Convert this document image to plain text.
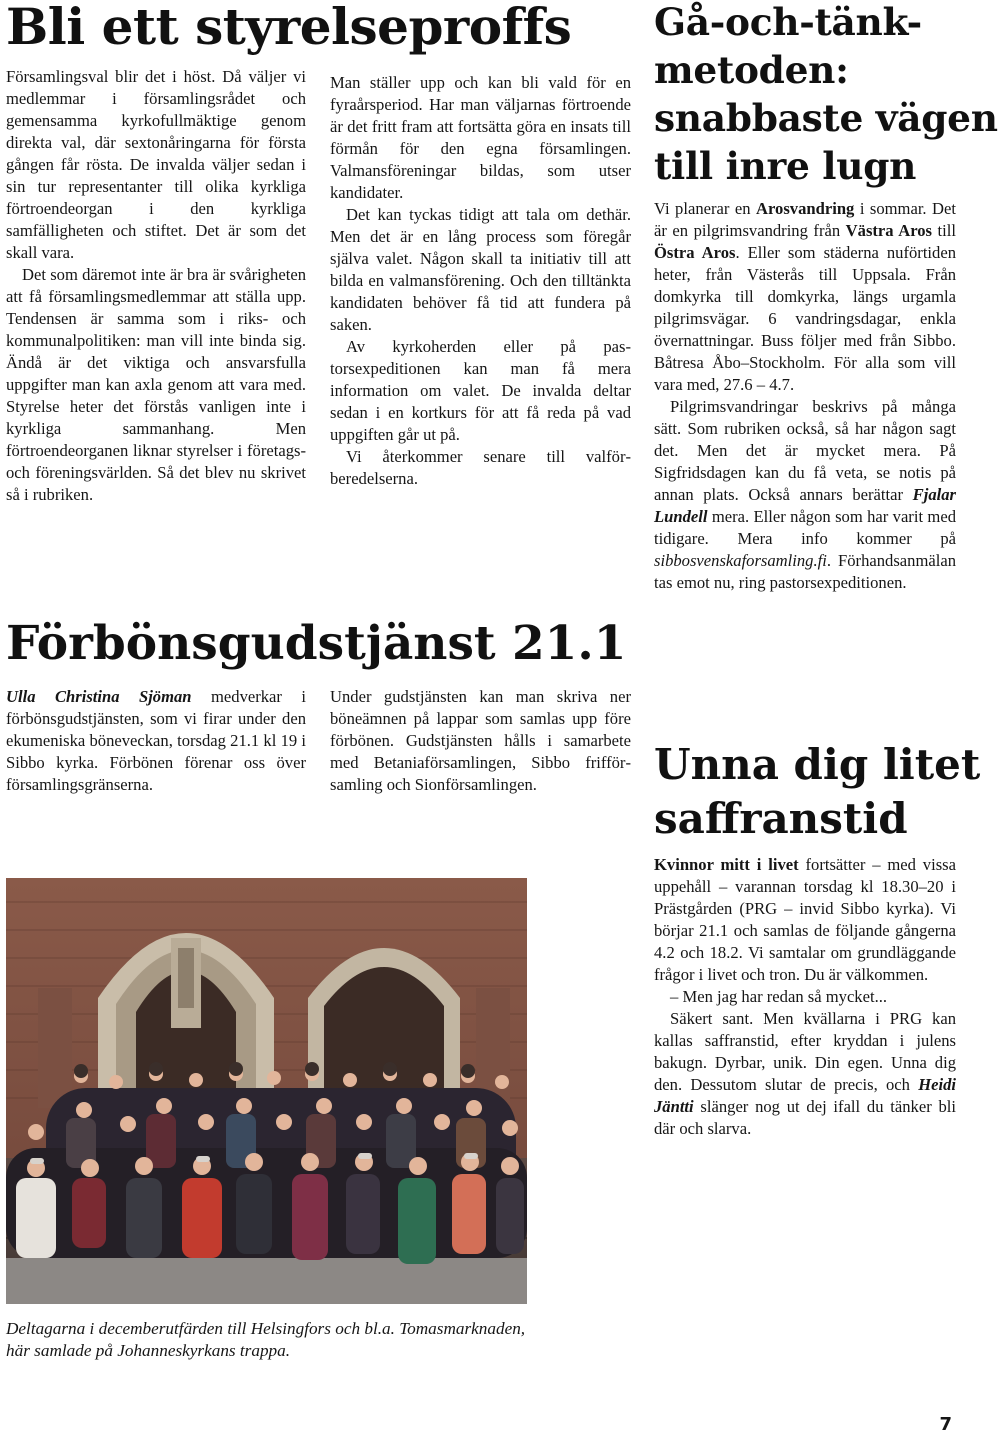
Bli ett styrelseproffs

Församlingsval blir det i höst. Då väljer vi medlemmar i församlingsrådet och gemensamma kyrkofullmäktige genom direkta val, där sextonåringarna för första gången får rösta. De invalda väljer sedan i sin tur representanter till olika kyrkliga förtroendeorgan i den kyrkliga samfälligheten och stiftet. Det är som det skall vara.

Det som däremot inte är bra är svårigheten att få församlingsmedlemmar att ställa upp. Tendensen är samma som i riks- och kommunalpolitiken: man vill inte binda sig. Ändå är det viktiga och ansvarsfulla uppgifter man kan axla genom att vara med. Styrelse heter det förstås vanligen inte i kyrkliga sammanhang. Men förtroendeorganen liknar styrelser i företags- och föreningsvärlden. Så det blev nu skrivet så i rubriken.

Man ställer upp och kan bli vald för en fyraårsperiod. Har man väljarnas förtroende är det fritt fram att fortsätta göra en insats till förmån för den egna församlingen. Valmansföreningar bildas, som utser kandidater.

Det kan tyckas tidigt att tala om dethär. Men det är en lång process som föregår själva valet. Någon skall ta initiativ till att bilda en valmansförening. Och den tilltänkta kandidaten behöver få tid att fundera på saken.

Av kyrkoherden eller på pastorsexpeditionen kan man få mera information om valet. De invalda deltar sedan i en kortkurs för att få reda på vad uppgiften går ut på.

Vi återkommer senare till valförberedelserna.

Förbönsgudstjänst 21.1

Ulla Christina Sjöman medverkar i förbönsgudstjänsten, som vi firar under den ekumeniska böneveckan, torsdag 21.1 kl 19 i Sibbo kyrka. Förbönen förenar oss över församlingsgränserna.

Under gudstjänsten kan man skriva ner böneämnen på lappar som samlas upp före förbönen. Gudstjänsten hålls i samarbete med Betaniaförsamlingen, Sibbo frifförsamling och Sionförsamlingen.

Deltagarna i decemberutfärden till Helsingfors och bl.a. Tomasmarknaden, här samlade på Johanneskyrkans trappa.

Gå-och-tänk-
metoden:
snabbaste vägen
till inre lugn

Vi planerar en Arosvandring i sommar. Det är en pilgrimsvandring från Västra Aros till Östra Aros. Eller som städerna nuförtiden heter, från Västerås till Uppsala. Från domkyrka till domkyrka, längs urgamla pilgrimsvägar. 6 vandringsdagar, enkla övernattningar. Buss följer med från Sibbo. Båtresa Åbo–Stockholm. För alla som vill vara med, 27.6 – 4.7.

Pilgrimsvandringar beskrivs på många sätt. Som rubriken också, så har någon sagt det. Men det är mycket mera. På Sigfridsdagen kan du få veta, se notis på annan plats. Också annars berättar Fjalar Lundell mera. Eller någon som har varit med tidigare. Mera info kommer på sibbosvenskaforsamling.fi. Förhandsanmälan tas emot nu, ring pastorsexpeditionen.

Unna dig litet
saffranstid

Kvinnor mitt i livet fortsätter – med vissa uppehåll – varannan torsdag kl 18.30–20 i Prästgården (PRG – invid Sibbo kyrka). Vi börjar 21.1 och samlas de följande gångerna 4.2 och 18.2. Vi samtalar om grundläggande frågor i livet och tron. Du är välkommen.

– Men jag har redan så mycket...

Säkert sant. Men kvällarna i PRG kan kallas saffranstid, efter kryddan i julens bakugn. Dyrbar, unik. Din egen. Unna dig den. Dessutom slutar de precis, och Heidi Jäntti slänger nog ut dej ifall du tänker bli där och slarva.

7
